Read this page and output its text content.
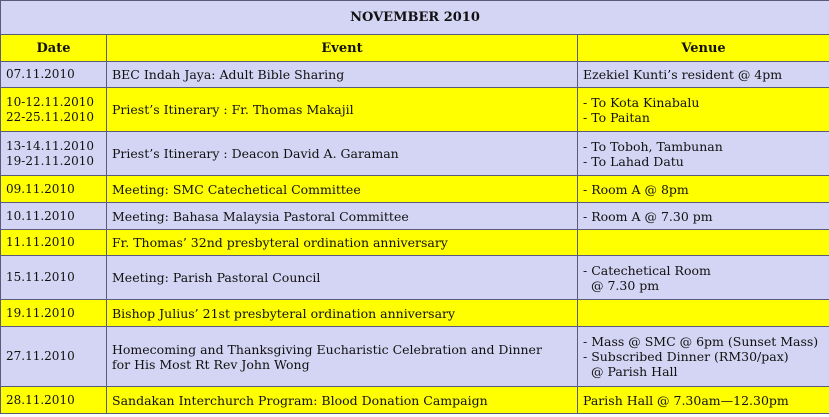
NOVEMBER 2010		
Date	Event	Venue

07.11.2010	BEC Indah Jaya: Adult Bible Sharing	Ezekiel Kunti’s resident @ 4pm

10-12.11.2010
22-25.11.2010	Priest’s Itinerary : Fr. Thomas Makajil	- To Kota Kinabalu
- To Paitan

13-14.11.2010
19-21.11.2010	Priest’s Itinerary : Deacon David A. Garaman	- To Toboh, Tambunan
- To Lahad Datu

09.11.2010	Meeting: SMC Catechetical Committee	- Room A @ 8pm

10.11.2010	Meeting: Bahasa Malaysia Pastoral Committee	- Room A @ 7.30 pm

11.11.2010	Fr. Thomas’ 32nd presbyteral ordination anniversary	

15.11.2010	Meeting: Parish Pastoral Council	- Catechetical Room
@ 7.30 pm

19.11.2010	Bishop Julius’ 21st presbyteral ordination anniversary	

27.11.2010	Homecoming and Thanksgiving Eucharistic Celebration and Dinner
for His Most Rt Rev John Wong	- Mass @ SMC @ 6pm (Sunset Mass)
- Subscribed Dinner (RM30/pax)
@ Parish Hall

28.11.2010	Sandakan Interchurch Program: Blood Donation Campaign	Parish Hall @ 7.30am—12.30pm
